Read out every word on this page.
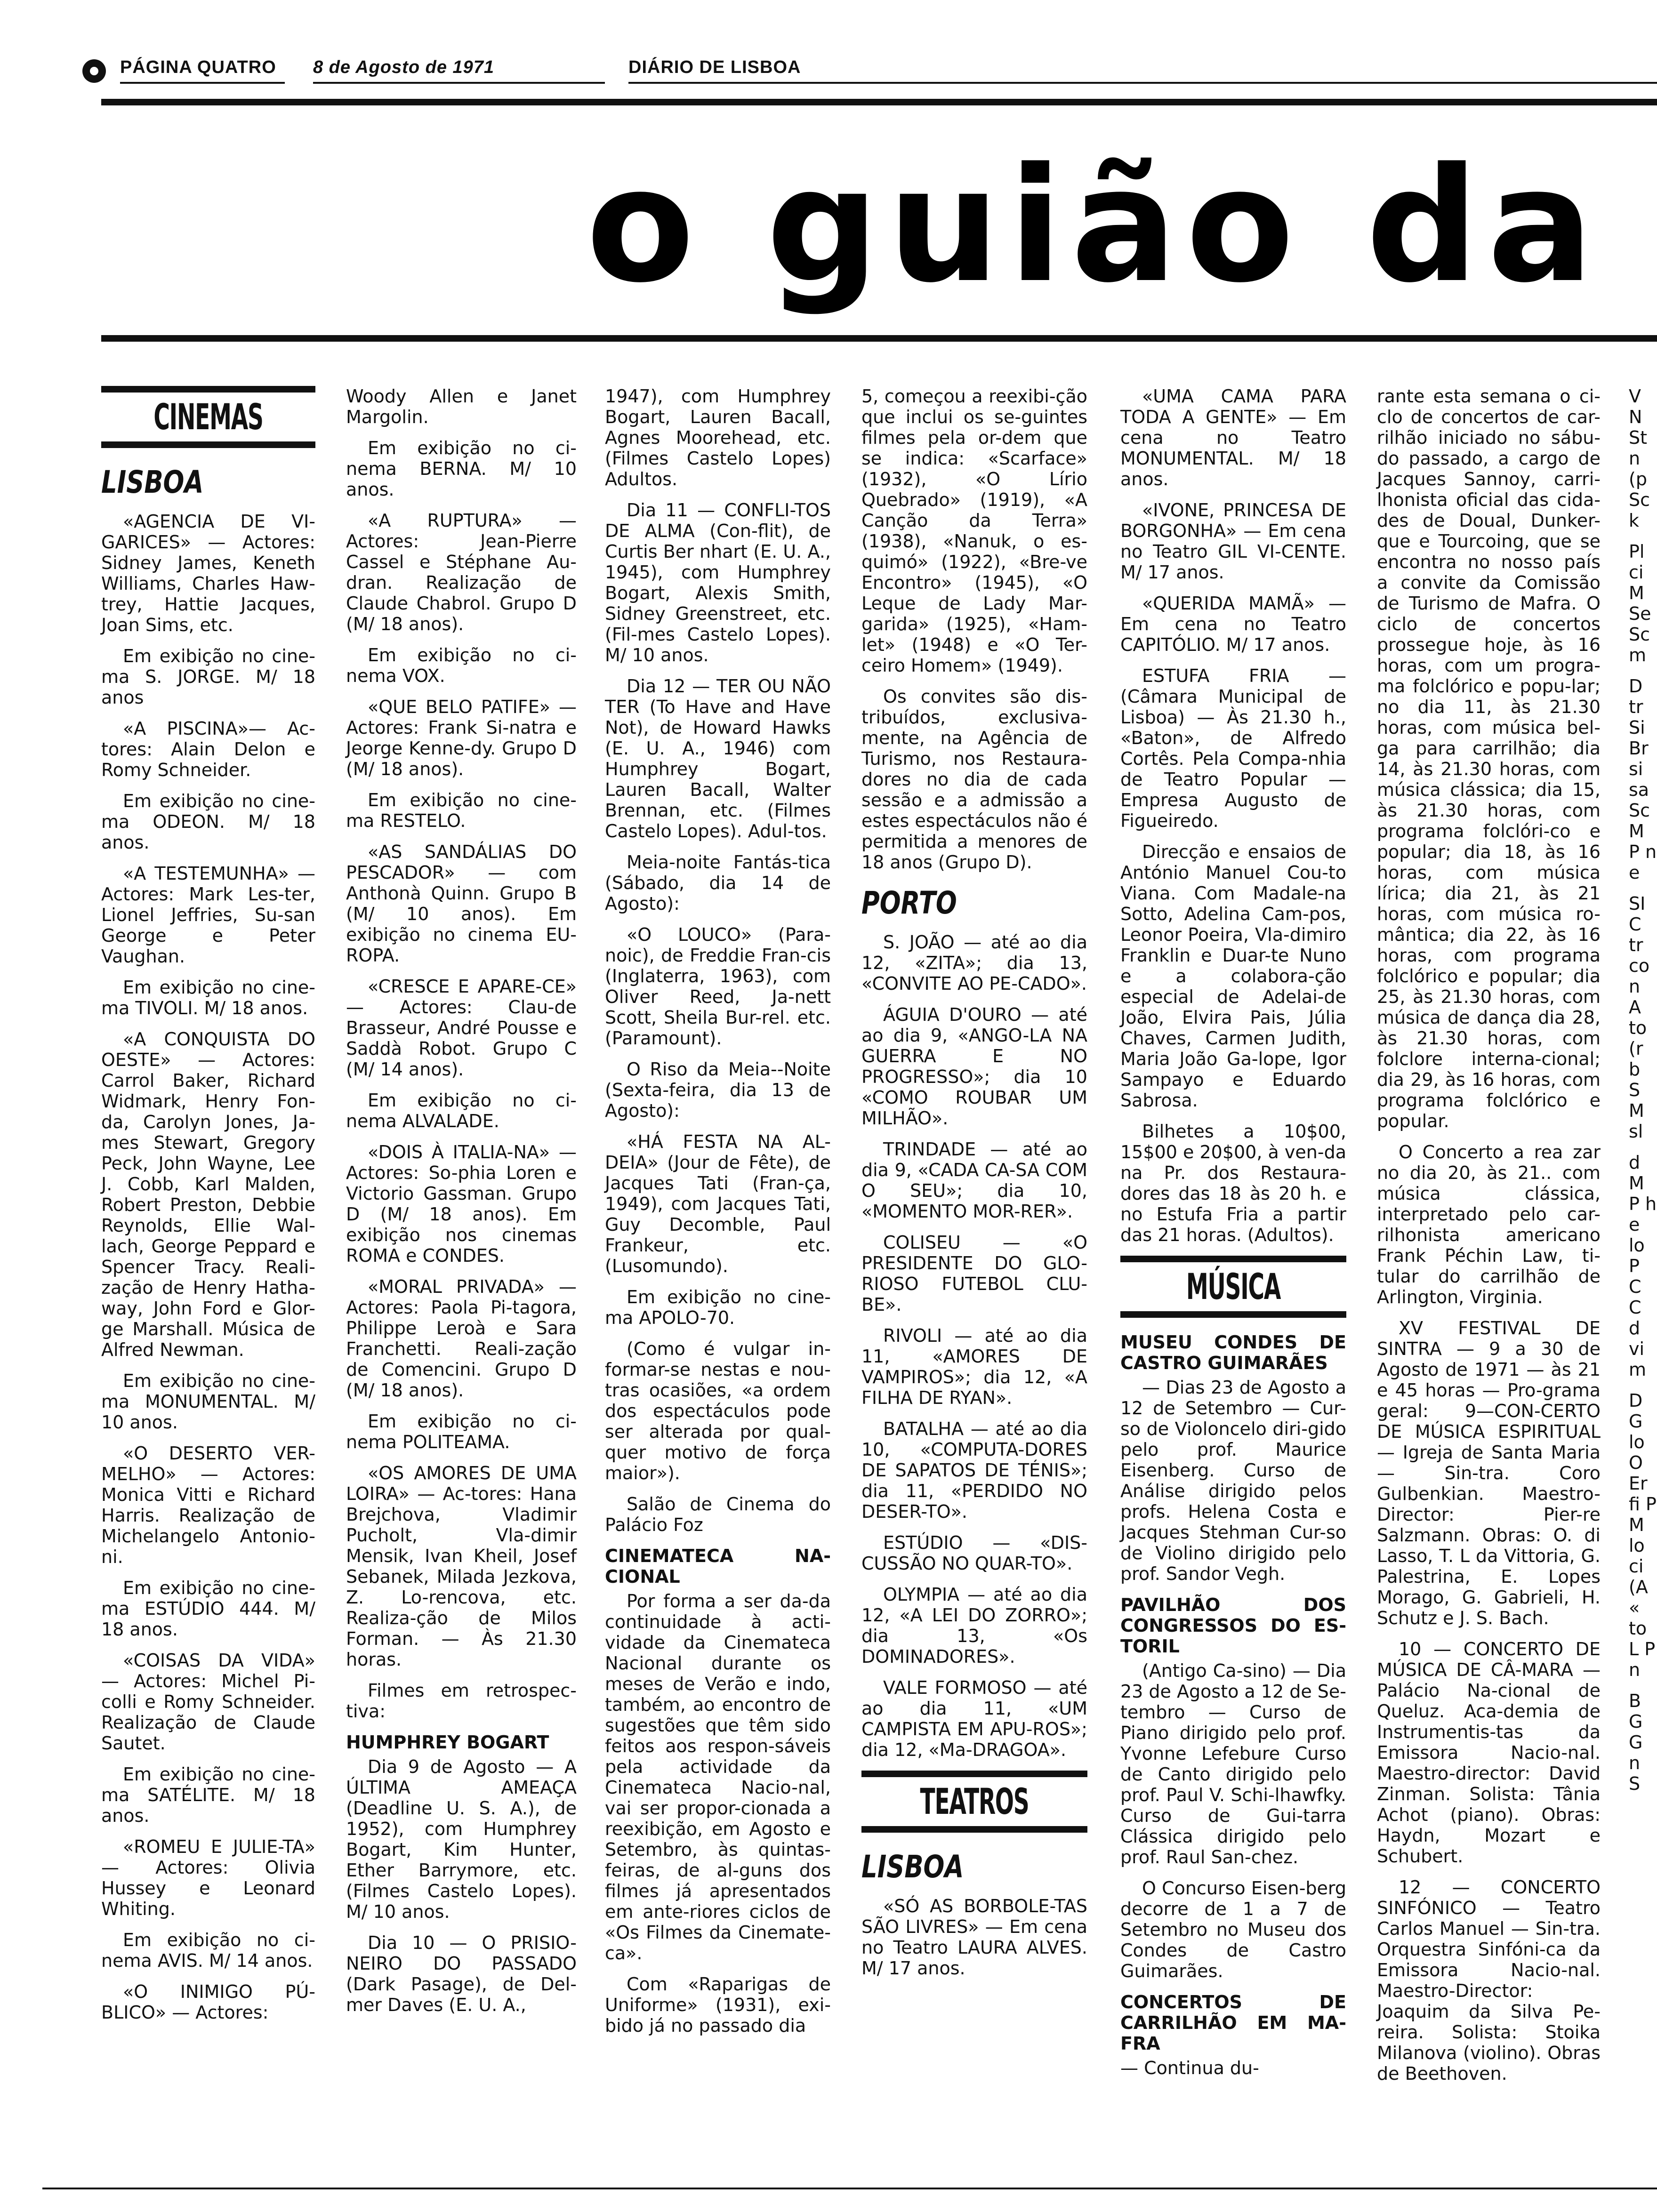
PÁGINA QUATRO 8 de Agosto de 1971	DIÁRIO DE LISBOA
o guião da
CINEMAS
LISBOA

«AGENCIA DE VI-GARICES» — Actores: Sidney James, Keneth Williams, Charles Haw-trey, Hattie Jacques, Joan Sims, etc.

Em exibição no cine-ma S. JORGE. M/ 18 anos

«A PISCINA»— Ac-tores: Alain Delon e Romy Schneider.

Em exibição no cine-ma ODEON. M/ 18 anos.

«A TESTEMUNHA» — Actores: Mark Les-ter, Lionel Jeffries, Su-san George e Peter Vaughan.

Em exibição no cine-ma TIVOLI. M/ 18 anos.

«A CONQUISTA DO OESTE» — Actores: Carrol Baker, Richard Widmark, Henry Fon-da, Carolyn Jones, Ja-mes Stewart, Gregory Peck, John Wayne, Lee J. Cobb, Karl Malden, Robert Preston, Debbie Reynolds, Ellie Wal-lach, George Peppard e Spencer Tracy. Reali-zação de Henry Hatha-way, John Ford e Glor-ge Marshall. Música de Alfred Newman.

Em exibição no cine-ma MONUMENTAL. M/ 10 anos.

«O DESERTO VER-MELHO» — Actores: Monica Vitti e Richard Harris. Realização de Michelangelo Antonio-ni.

Em exibição no cine-ma ESTÚDIO 444. M/ 18 anos.

«COISAS DA VIDA» — Actores: Michel Pi-colli e Romy Schneider. Realização de Claude Sautet.

Em exibição no cine-ma SATÉLITE. M/ 18 anos.

«ROMEU E JULIE-TA» — Actores: Olivia Hussey e Leonard Whiting.

Em exibição no ci-nema AVIS. M/ 14 anos.

«O INIMIGO PÚ-BLICO» — Actores:

Woody Allen e Janet Margolin.

Em exibição no ci-nema BERNA. M/ 10 anos.

«A RUPTURA» — Actores: Jean-Pierre Cassel e Stéphane Au-dran. Realização de Claude Chabrol. Grupo D (M/ 18 anos).

Em exibição no ci-nema VOX.

«QUE BELO PATIFE» — Actores: Frank Si-natra e Jeorge Kenne-dy. Grupo D (M/ 18 anos).

Em exibição no cine-ma RESTELO.

«AS SANDÁLIAS DO PESCADOR» — com Anthonà Quinn. Grupo B (M/ 10 anos). Em exibição no cinema EU-ROPA.

«CRESCE E APARE-CE» — Actores: Clau-de Brasseur, André Pousse e Saddà Robot. Grupo C (M/ 14 anos).

Em exibição no ci-nema ALVALADE.

«DOIS À ITALIA-NA» — Actores: So-phia Loren e Victorio Gassman. Grupo D (M/ 18 anos). Em exibição nos cinemas ROMA e CONDES.

«MORAL PRIVADA» — Actores: Paola Pi-tagora, Philippe Leroà e Sara Franchetti. Reali-zação de Comencini. Grupo D (M/ 18 anos).

Em exibição no ci-nema POLITEAMA.

«OS AMORES DE UMA LOIRA» — Ac-tores: Hana Brejchova, Vladimir Pucholt, Vla-dimir Mensik, Ivan Kheil, Josef Sebanek, Milada Jezkova, Z. Lo-rencova, etc. Realiza-ção de Milos Forman. — Às 21.30 horas.

Filmes em retrospec-tiva:

HUMPHREY BOGART

Dia 9 de Agosto — A ÚLTIMA AMEAÇA (Deadline U. S. A.), de 1952), com Humphrey Bogart, Kim Hunter, Ether Barrymore, etc. (Filmes Castelo Lopes). M/ 10 anos.

Dia 10 — O PRISIO-NEIRO DO PASSADO (Dark Pasage), de Del-mer Daves (E. U. A.,

1947), com Humphrey Bogart, Lauren Bacall, Agnes Moorehead, etc. (Filmes Castelo Lopes) Adultos.

Dia 11 — CONFLI-TOS DE ALMA (Con-flit), de Curtis Ber nhart (E. U. A., 1945), com Humphrey Bogart, Alexis Smith, Sidney Greenstreet, etc. (Fil-mes Castelo Lopes). M/ 10 anos.

Dia 12 — TER OU NÃO TER (To Have and Have Not), de Howard Hawks (E. U. A., 1946) com Humphrey Bogart, Lauren Bacall, Walter Brennan, etc. (Filmes Castelo Lopes). Adul-tos.

Meia-noite Fantás-tica (Sábado, dia 14 de Agosto):

«O LOUCO» (Para-noic), de Freddie Fran-cis (Inglaterra, 1963), com Oliver Reed, Ja-nett Scott, Sheila Bur-rel. etc. (Paramount).

O Riso da Meia--Noite (Sexta-feira, dia 13 de Agosto):

«HÁ FESTA NA AL-DEIA» (Jour de Fête), de Jacques Tati (Fran-ça, 1949), com Jacques Tati, Guy Decomble, Paul Frankeur, etc. (Lusomundo).

Em exibição no cine-ma APOLO-70.

(Como é vulgar in-formar-se nestas e nou-tras ocasiões, «a ordem dos espectáculos pode ser alterada por qual-quer motivo de força maior»).

Salão de Cinema do Palácio Foz

CINEMATECA NA-CIONAL

Por forma a ser da-da continuidade à acti-vidade da Cinemateca Nacional durante os meses de Verão e indo, também, ao encontro de sugestões que têm sido feitos aos respon-sáveis pela actividade da Cinemateca Nacio-nal, vai ser propor-cionada a reexibição, em Agosto e Setembro, às quintas-feiras, de al-guns dos filmes já apresentados em ante-riores ciclos de «Os Filmes da Cinemate-ca».

Com «Raparigas de Uniforme» (1931), exi-bido já no passado dia

5, começou a reexibi-ção que inclui os se-guintes filmes pela or-dem que se indica: «Scarface» (1932), «O Lírio Quebrado» (1919), «A Canção da Terra» (1938), «Nanuk, o es-quimó» (1922), «Bre-ve Encontro» (1945), «O Leque de Lady Mar-garida» (1925), «Ham-let» (1948) e «O Ter-ceiro Homem» (1949).

Os convites são dis-tribuídos, exclusiva-mente, na Agência de Turismo, nos Restaura-dores no dia de cada sessão e a admissão a estes espectáculos não é permitida a menores de 18 anos (Grupo D).

PORTO

S. JOÃO — até ao dia 12, «ZITA»; dia 13, «CONVITE AO PE-CADO».

ÁGUIA D'OURO — até ao dia 9, «ANGO-LA NA GUERRA E NO PROGRESSO»; dia 10 «COMO ROUBAR UM MILHÃO».

TRINDADE — até ao dia 9, «CADA CA-SA COM O SEU»; dia 10, «MOMENTO MOR-RER».

COLISEU — «O PRESIDENTE DO GLO-RIOSO FUTEBOL CLU-BE».

RIVOLI — até ao dia 11, «AMORES DE VAMPIROS»; dia 12, «A FILHA DE RYAN».

BATALHA — até ao dia 10, «COMPUTA-DORES DE SAPATOS DE TÉNIS»; dia 11, «PERDIDO NO DESER-TO».

ESTÚDIO — «DIS-CUSSÃO NO QUAR-TO».

OLYMPIA — até ao dia 12, «A LEI DO ZORRO»; dia 13, «Os DOMINADORES».

VALE FORMOSO — até ao dia 11, «UM CAMPISTA EM APU-ROS»; dia 12, «Ma-DRAGOA».

TEATROS
LISBOA

«SÓ AS BORBOLE-TAS SÃO LIVRES» — Em cena no Teatro LAURA ALVES. M/ 17 anos.

«UMA CAMA PARA TODA A GENTE» — Em cena no Teatro MONUMENTAL. M/ 18 anos.

«IVONE, PRINCESA DE BORGONHA» — Em cena no Teatro GIL VI-CENTE. M/ 17 anos.

«QUERIDA MAMÃ» — Em cena no Teatro CAPITÓLIO. M/ 17 anos.

ESTUFA FRIA — (Câmara Municipal de Lisboa) — Às 21.30 h., «Baton», de Alfredo Cortês. Pela Compa-nhia de Teatro Popular — Empresa Augusto de Figueiredo.

Direcção e ensaios de António Manuel Cou-to Viana. Com Madale-na Sotto, Adelina Cam-pos, Leonor Poeira, Vla-dimiro Franklin e Duar-te Nuno e a colabora-ção especial de Adelai-de João, Elvira Pais, Júlia Chaves, Carmen Judith, Maria João Ga-lope, Igor Sampayo e Eduardo Sabrosa.

Bilhetes a 10$00, 15$00 e 20$00, à ven-da na Pr. dos Restaura-dores das 18 às 20 h. e no Estufa Fria a partir das 21 horas. (Adultos).

MÚSICA
MUSEU CONDES DE CASTRO GUIMARÃES

— Dias 23 de Agosto a 12 de Setembro — Cur-so de Violoncelo diri-gido pelo prof. Maurice Eisenberg. Curso de Análise dirigido pelos profs. Helena Costa e Jacques Stehman Cur-so de Violino dirigido pelo prof. Sandor Vegh.

PAVILHÃO DOS CONGRESSOS DO ES-TORIL

(Antigo Ca-sino) — Dia 23 de Agosto a 12 de Se-tembro — Curso de Piano dirigido pelo prof. Yvonne Lefebure Curso de Canto dirigido pelo prof. Paul V. Schi-lhawfky. Curso de Gui-tarra Clássica dirigido pelo prof. Raul San-chez.

O Concurso Eisen-berg decorre de 1 a 7 de Setembro no Museu dos Condes de Castro Guimarães.

CONCERTOS DE CARRILHÃO EM MA-FRA

— Continua du-

rante esta semana o ci-clo de concertos de car-rilhão iniciado no sábu-do passado, a cargo de Jacques Sannoy, carri-lhonista oficial das cida-des de Doual, Dunker-que e Tourcoing, que se encontra no nosso país a convite da Comissão de Turismo de Mafra. O ciclo de concertos prossegue hoje, às 16 horas, com um progra-ma folclórico e popu-lar; no dia 11, às 21.30 horas, com música bel-ga para carrilhão; dia 14, às 21.30 horas, com música clássica; dia 15, às 21.30 horas, com programa folclóri-co e popular; dia 18, às 16 horas, com música lírica; dia 21, às 21 horas, com música ro-mântica; dia 22, às 16 horas, com programa folclórico e popular; dia 25, às 21.30 horas, com música de dança dia 28, às 21.30 horas, com folclore interna-cional; dia 29, às 16 horas, com programa folclórico e popular.

O Concerto a rea zar no dia 20, às 21.. com música clássica, interpretado pelo car-rilhonista americano Frank Péchin Law, ti-tular do carrilhão de Arlington, Virginia.

XV FESTIVAL DE SINTRA — 9 a 30 de Agosto de 1971 — às 21 e 45 horas — Pro-grama geral: 9—CON-CERTO DE MÚSICA ESPIRITUAL — Igreja de Santa Maria — Sin-tra. Coro Gulbenkian. Maestro-Director: Pier-re Salzmann. Obras: O. di Lasso, T. L da Vittoria, G. Palestrina, E. Lopes Morago, G. Gabrieli, H. Schutz e J. S. Bach.

10 — CONCERTO DE MÚSICA DE CÂ-MARA — Palácio Na-cional de Queluz. Aca-demia de Instrumentis-tas da Emissora Nacio-nal. Maestro-director: David Zinman. Solista: Tânia Achot (piano). Obras: Haydn, Mozart e Schubert.

12 — CONCERTO SINFÓNICO — Teatro Carlos Manuel — Sin-tra. Orquestra Sinfóni-ca da Emissora Nacio-nal. Maestro-Director: Joaquim da Silva Pe-reira. Solista: Stoika Milanova (violino). Obras de Beethoven.

V N St n (p Sc k

Pl ci M Se Sc m

D tr Si Br si sa Sc M P n e

SI C tr co n A to (r b S M sl

d M P h e lo P C C d vi m

D G lo O Er fi P M lo ci (A « to L P n

B G G n S
